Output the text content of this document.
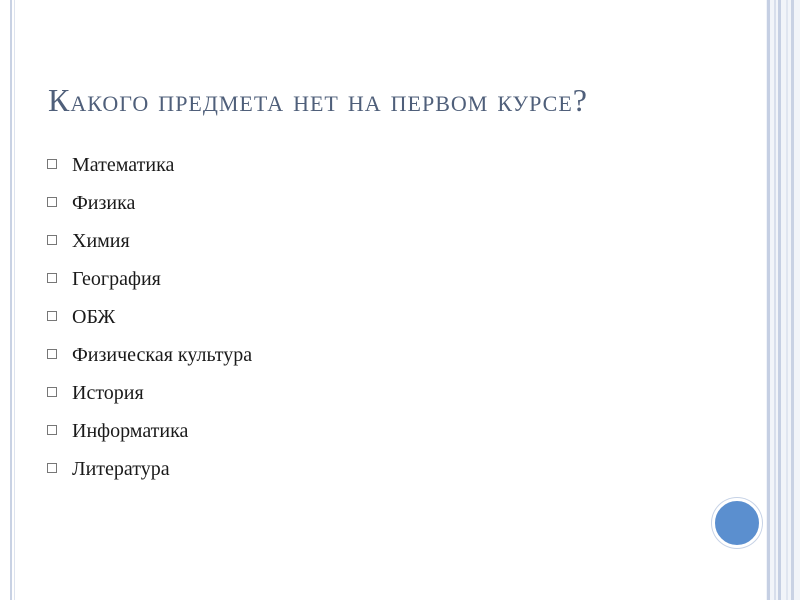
Какого предмета нет на первом курсе?
Математика
Физика
Химия
География
ОБЖ
Физическая культура
История
Информатика
Литература
